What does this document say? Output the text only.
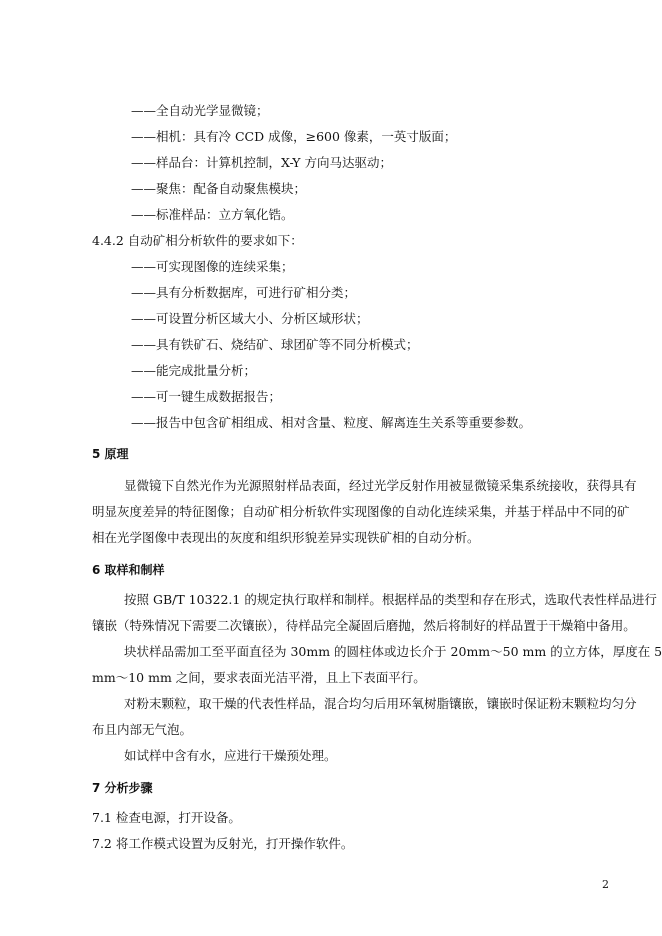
——全自动光学显微镜；
——相机：具有冷 CCD 成像，≥600 像素，一英寸版面；
——样品台：计算机控制，X-Y 方向马达驱动；
——聚焦：配备自动聚焦模块；
——标准样品：立方氧化锆。
4.4.2 自动矿相分析软件的要求如下：
——可实现图像的连续采集；
——具有分析数据库，可进行矿相分类；
——可设置分析区域大小、分析区域形状；
——具有铁矿石、烧结矿、球团矿等不同分析模式；
——能完成批量分析；
——可一键生成数据报告；
——报告中包含矿相组成、相对含量、粒度、解离连生关系等重要参数。
5 原理
显微镜下自然光作为光源照射样品表面，经过光学反射作用被显微镜采集系统接收，获得具有
明显灰度差异的特征图像；自动矿相分析软件实现图像的自动化连续采集，并基于样品中不同的矿
相在光学图像中表现出的灰度和组织形貌差异实现铁矿相的自动分析。
6 取样和制样
按照 GB/T 10322.1 的规定执行取样和制样。根据样品的类型和存在形式，选取代表性样品进行
镶嵌（特殊情况下需要二次镶嵌），待样品完全凝固后磨抛，然后将制好的样品置于干燥箱中备用。
块状样品需加工至平面直径为 30mm 的圆柱体或边长介于 20mm～50 mm 的立方体，厚度在 5
mm～10 mm 之间，要求表面光洁平滑，且上下表面平行。
对粉末颗粒，取干燥的代表性样品，混合均匀后用环氧树脂镶嵌，镶嵌时保证粉末颗粒均匀分
布且内部无气泡。
如试样中含有水，应进行干燥预处理。
7 分析步骤
7.1 检查电源，打开设备。
7.2 将工作模式设置为反射光，打开操作软件。
2
